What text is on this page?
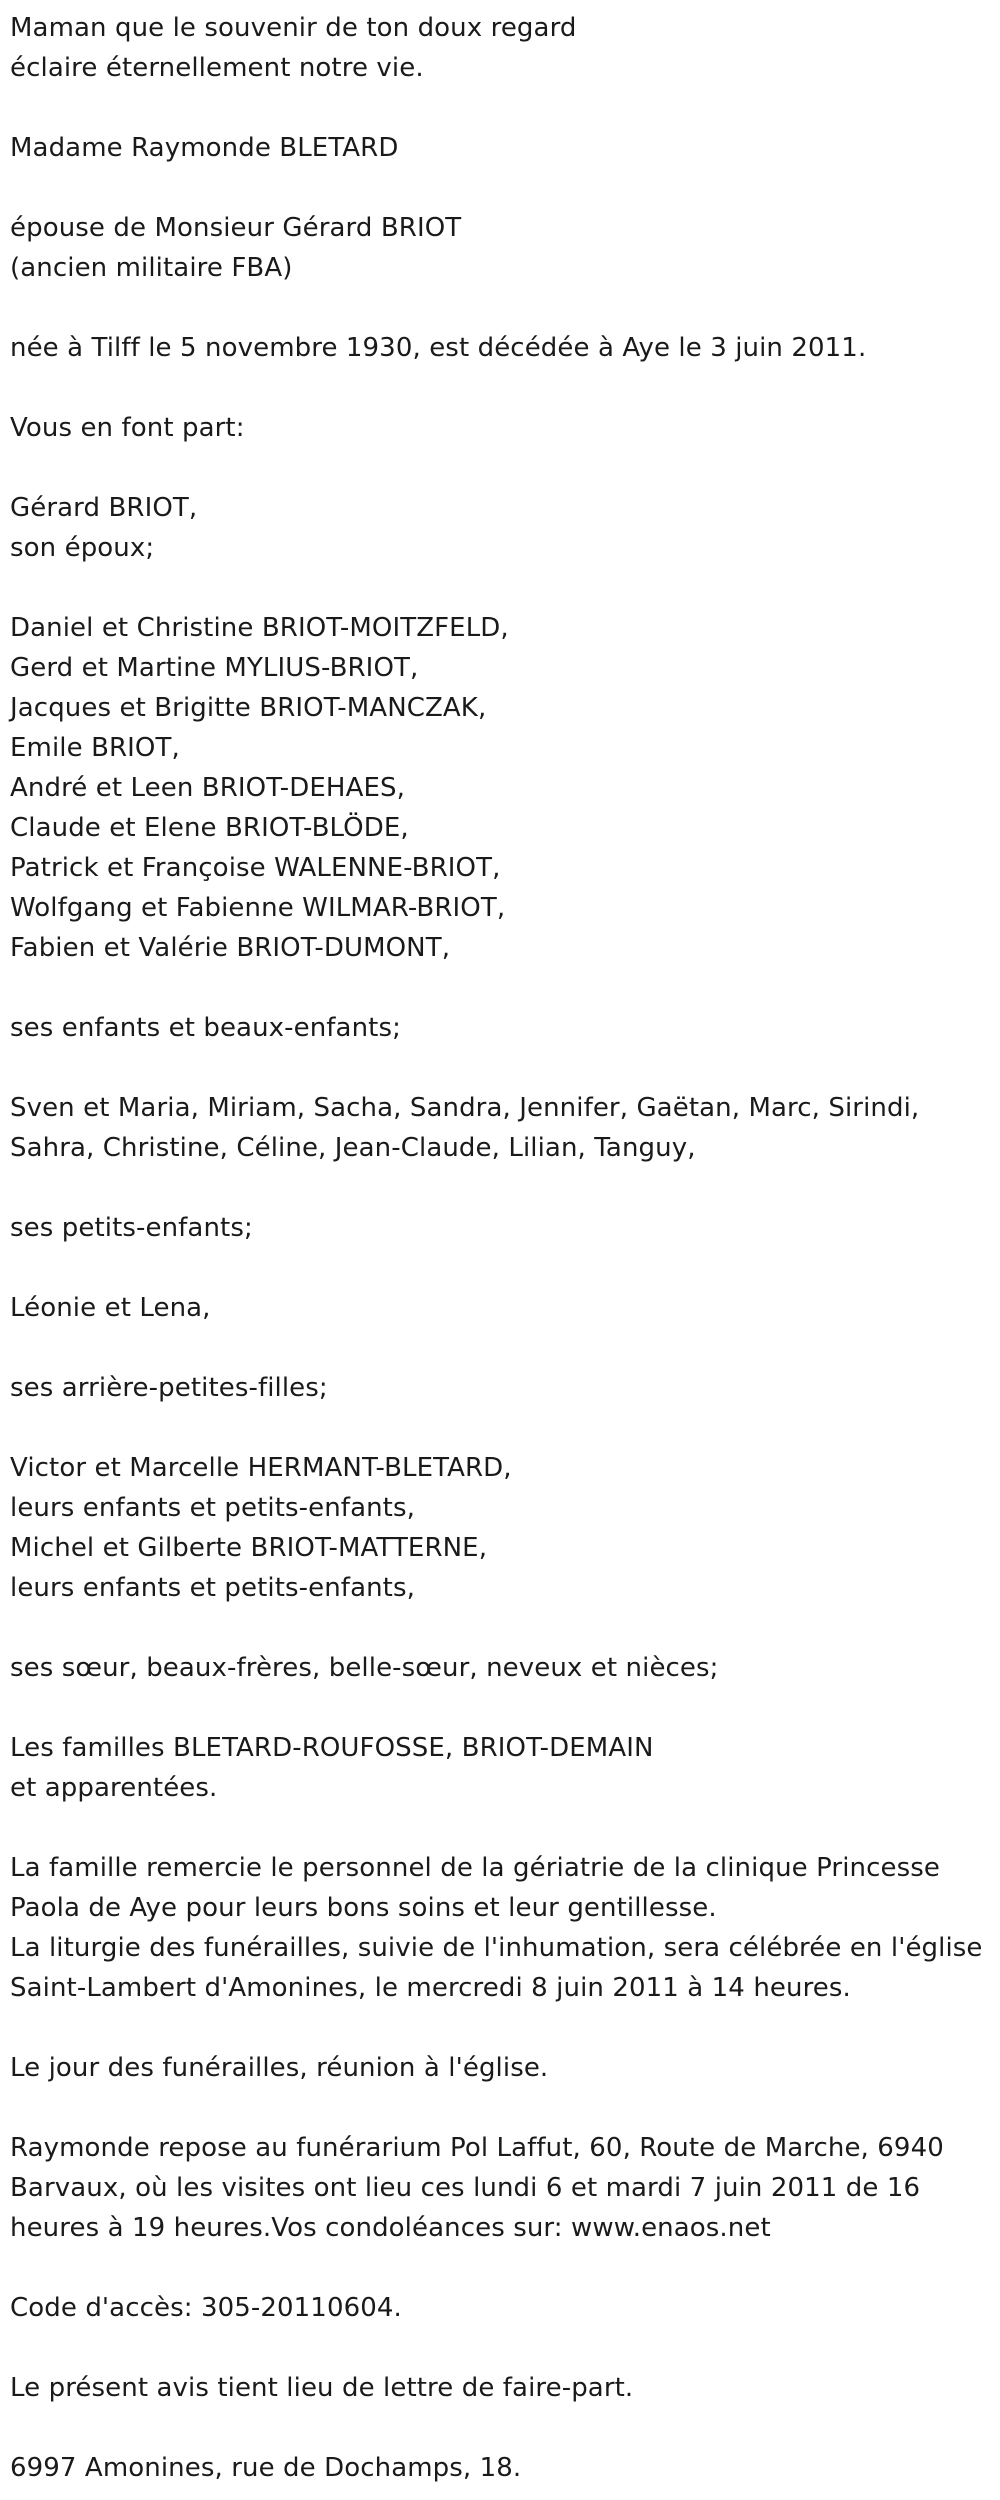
Maman que le souvenir de ton doux regard
éclaire éternellement notre vie.
Madame Raymonde BLETARD
épouse de Monsieur Gérard BRIOT
(ancien militaire FBA)
née à Tilff le 5 novembre 1930, est décédée à Aye le 3 juin 2011.
Vous en font part:
Gérard BRIOT,
son époux;
Daniel et Christine BRIOT-MOITZFELD,
Gerd et Martine MYLIUS-BRIOT,
Jacques et Brigitte BRIOT-MANCZAK,
Emile BRIOT,
André et Leen BRIOT-DEHAES,
Claude et Elene BRIOT-BLÖDE,
Patrick et Françoise WALENNE-BRIOT,
Wolfgang et Fabienne WILMAR-BRIOT,
Fabien et Valérie BRIOT-DUMONT,
ses enfants et beaux-enfants;
Sven et Maria, Miriam, Sacha, Sandra, Jennifer, Gaëtan, Marc, Sirindi,
Sahra, Christine, Céline, Jean-Claude, Lilian, Tanguy,
ses petits-enfants;
Léonie et Lena,
ses arrière-petites-filles;
Victor et Marcelle HERMANT-BLETARD,
leurs enfants et petits-enfants,
Michel et Gilberte BRIOT-MATTERNE,
leurs enfants et petits-enfants,
ses sœur, beaux-frères, belle-sœur, neveux et nièces;
Les familles BLETARD-ROUFOSSE, BRIOT-DEMAIN
et apparentées.
La famille remercie le personnel de la gériatrie de la clinique Princesse
Paola de Aye pour leurs bons soins et leur gentillesse.
La liturgie des funérailles, suivie de l'inhumation, sera célébrée en l'église
Saint-Lambert d'Amonines, le mercredi 8 juin 2011 à 14 heures.
Le jour des funérailles, réunion à l'église.
Raymonde repose au funérarium Pol Laffut, 60, Route de Marche, 6940
Barvaux, où les visites ont lieu ces lundi 6 et mardi 7 juin 2011 de 16
heures à 19 heures.Vos condoléances sur: www.enaos.net
Code d'accès: 305-20110604.
Le présent avis tient lieu de lettre de faire-part.
6997 Amonines, rue de Dochamps, 18.
